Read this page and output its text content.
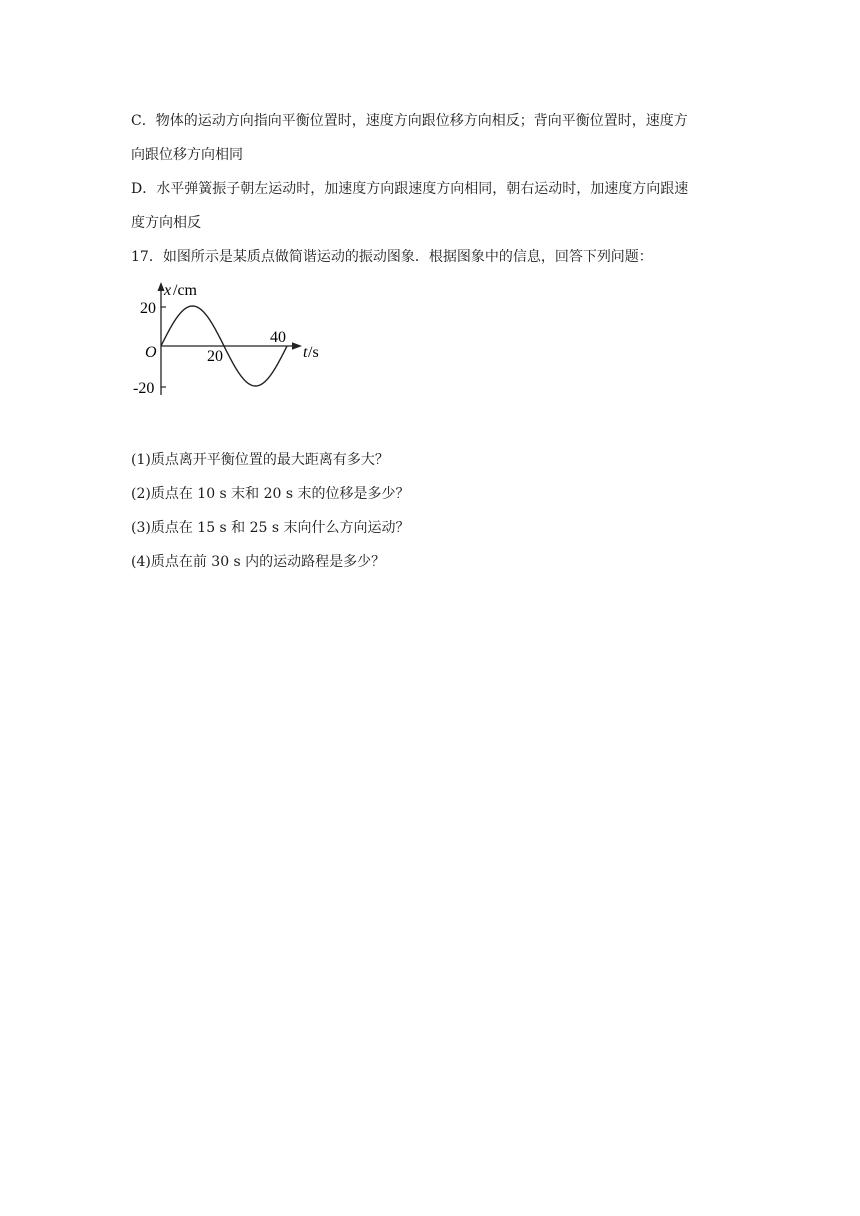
C．物体的运动方向指向平衡位置时，速度方向跟位移方向相反；背向平衡位置时，速度方
向跟位移方向相同
D．水平弹簧振子朝左运动时，加速度方向跟速度方向相同，朝右运动时，加速度方向跟速
度方向相反
17．如图所示是某质点做简谐运动的振动图象．根据图象中的信息，回答下列问题：
x /cm
20
-20
O	20
40
t /s
(1)质点离开平衡位置的最大距离有多大？
(2)质点在 10 s 末和 20 s 末的位移是多少？
(3)质点在 15 s 和 25 s 末向什么方向运动？
(4)质点在前 30 s 内的运动路程是多少？
